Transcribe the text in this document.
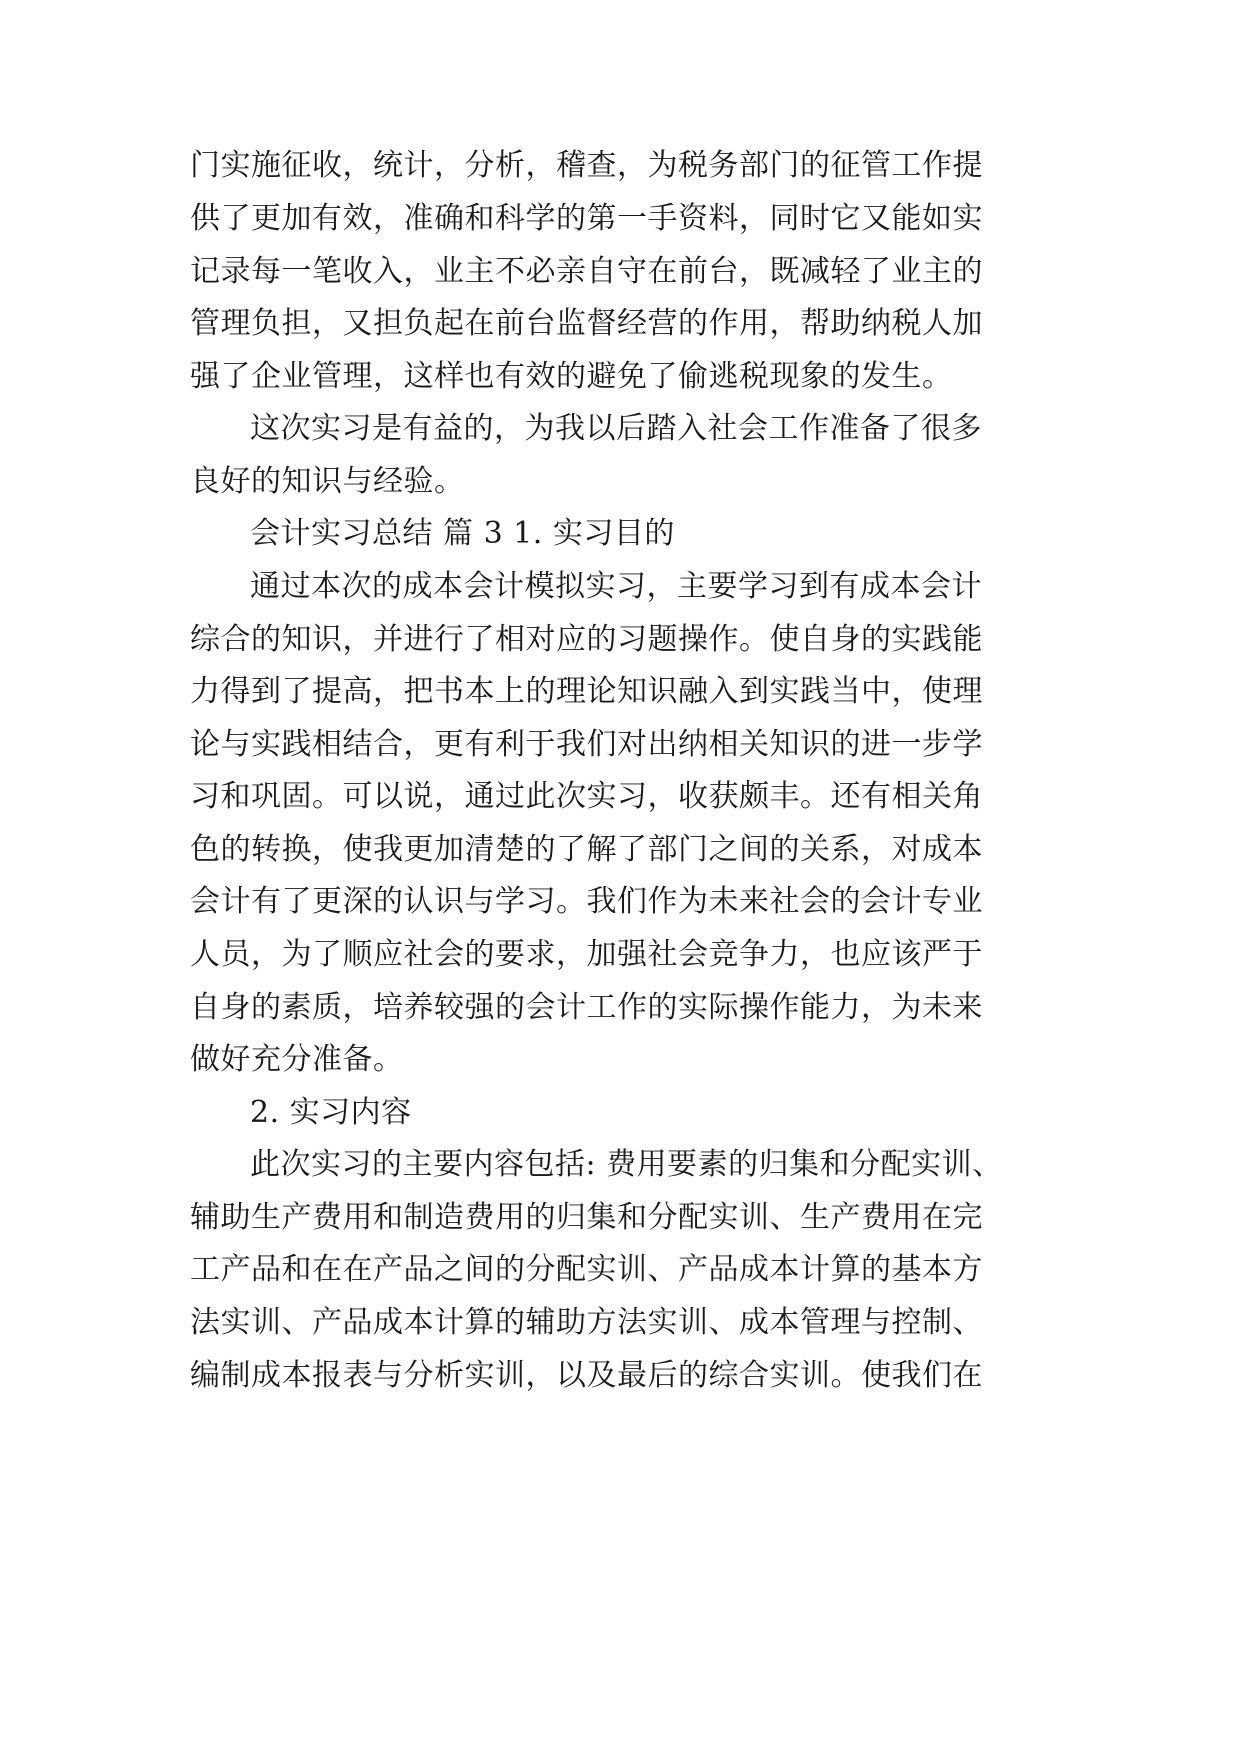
门实施征收，统计，分析，稽查，为税务部门的征管工作提
供了更加有效，准确和科学的第一手资料，同时它又能如实
记录每一笔收入，业主不必亲自守在前台，既减轻了业主的
管理负担，又担负起在前台监督经营的作用，帮助纳税人加
强了企业管理，这样也有效的避免了偷逃税现象的发生。
这次实习是有益的，为我以后踏入社会工作准备了很多
良好的知识与经验。
会计实习总结 篇 3 1. 实习目的
通过本次的成本会计模拟实习，主要学习到有成本会计
综合的知识，并进行了相对应的习题操作。使自身的实践能
力得到了提高，把书本上的理论知识融入到实践当中，使理
论与实践相结合，更有利于我们对出纳相关知识的进一步学
习和巩固。可以说，通过此次实习，收获颇丰。还有相关角
色的转换，使我更加清楚的了解了部门之间的关系，对成本
会计有了更深的认识与学习。我们作为未来社会的会计专业
人员，为了顺应社会的要求，加强社会竞争力，也应该严于
自身的素质，培养较强的会计工作的实际操作能力，为未来
做好充分准备。
2. 实习内容
此次实习的主要内容包括: 费用要素的归集和分配实训、
辅助生产费用和制造费用的归集和分配实训、生产费用在完
工产品和在在产品之间的分配实训、产品成本计算的基本方
法实训、产品成本计算的辅助方法实训、成本管理与控制、
编制成本报表与分析实训，以及最后的综合实训。使我们在
